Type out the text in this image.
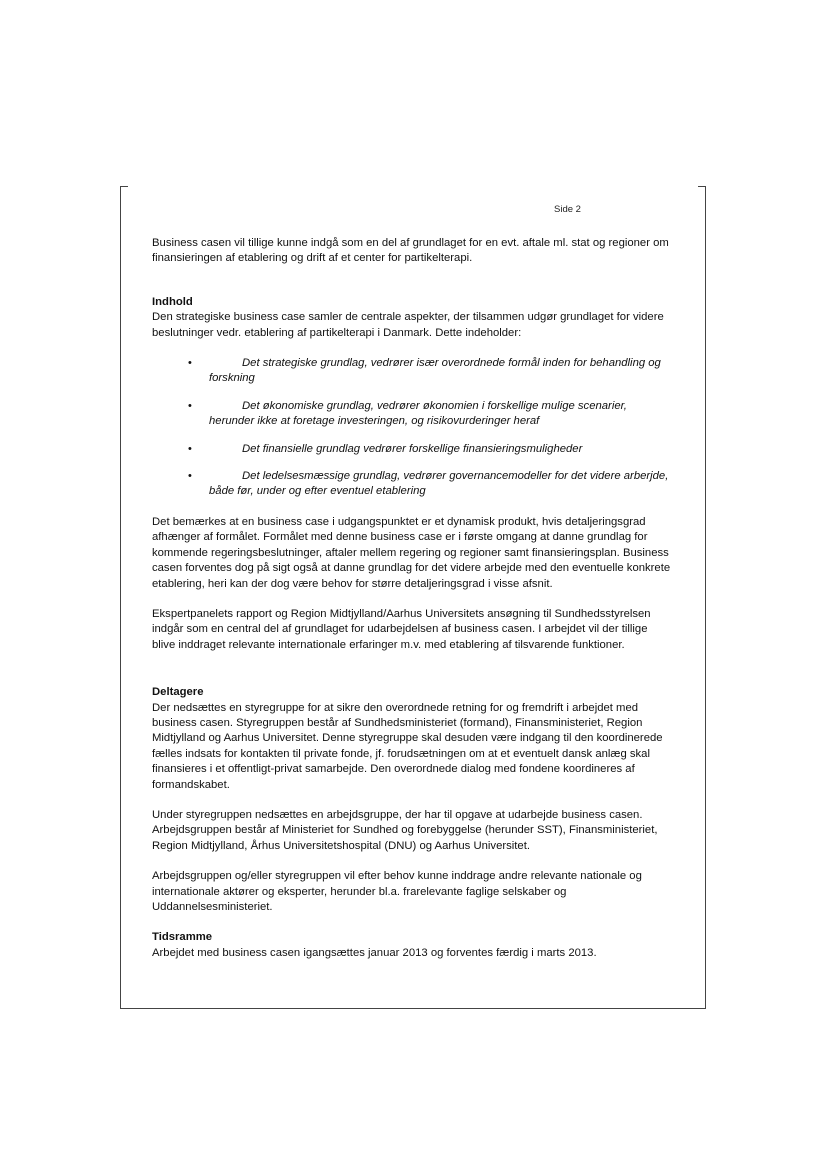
Side 2

Business casen vil tillige kunne indgå som en del af grundlaget for en evt. aftale ml. stat og regioner om finansieringen af etablering og drift af et center for partikelterapi.

Indhold

Den strategiske business case samler de centrale aspekter, der tilsammen udgør grundlaget for videre beslutninger vedr. etablering af partikelterapi i Danmark. Dette indeholder:

•	Det strategiske grundlag, vedrører især overordnede formål inden for behandling og forskning
•	Det økonomiske grundlag, vedrører økonomien i forskellige mulige scenarier, herunder ikke at foretage investeringen, og risikovurderinger heraf
•	Det finansielle grundlag vedrører forskellige finansieringsmuligheder
•	Det ledelsesmæssige grundlag, vedrører governancemodeller for det videre arberjde, både før, under og efter eventuel etablering

Det bemærkes at en business case i udgangspunktet er et dynamisk produkt, hvis detaljeringsgrad afhænger af formålet. Formålet med denne business case er i første omgang at danne grundlag for kommende regeringsbeslutninger, aftaler mellem regering og regioner samt finansieringsplan. Business casen forventes dog på sigt også at danne grundlag for det videre arbejde med den eventuelle konkrete etablering, heri kan der dog være behov for større detaljeringsgrad i visse afsnit.

Ekspertpanelets rapport og Region Midtjylland/Aarhus Universitets ansøgning til Sundhedsstyrelsen indgår som en central del af grundlaget for udarbejdelsen af business casen. I arbejdet vil der tillige blive inddraget relevante internationale erfaringer m.v. med etablering af tilsvarende funktioner.

Deltagere

Der nedsættes en styregruppe for at sikre den overordnede retning for og fremdrift i arbejdet med business casen. Styregruppen består af Sundhedsministeriet (formand), Finansministeriet, Region Midtjylland og Aarhus Universitet. Denne styregruppe skal desuden være indgang til den koordinerede fælles indsats for kontakten til private fonde, jf. forudsætningen om at et eventuelt dansk anlæg skal finansieres i et offentligt-privat samarbejde. Den overordnede dialog med fondene koordineres af formandskabet.

Under styregruppen nedsættes en arbejdsgruppe, der har til opgave at udarbejde business casen. Arbejdsgruppen består af Ministeriet for Sundhed og forebyggelse (herunder SST), Finansministeriet, Region Midtjylland, Århus Universitetshospital (DNU) og Aarhus Universitet.

Arbejdsgruppen og/eller styregruppen vil efter behov kunne inddrage andre relevante nationale og internationale aktører og eksperter, herunder bl.a. frarelevante faglige selskaber og Uddannelsesministeriet.

Tidsramme

Arbejdet med business casen igangsættes januar 2013 og forventes færdig i marts 2013.
